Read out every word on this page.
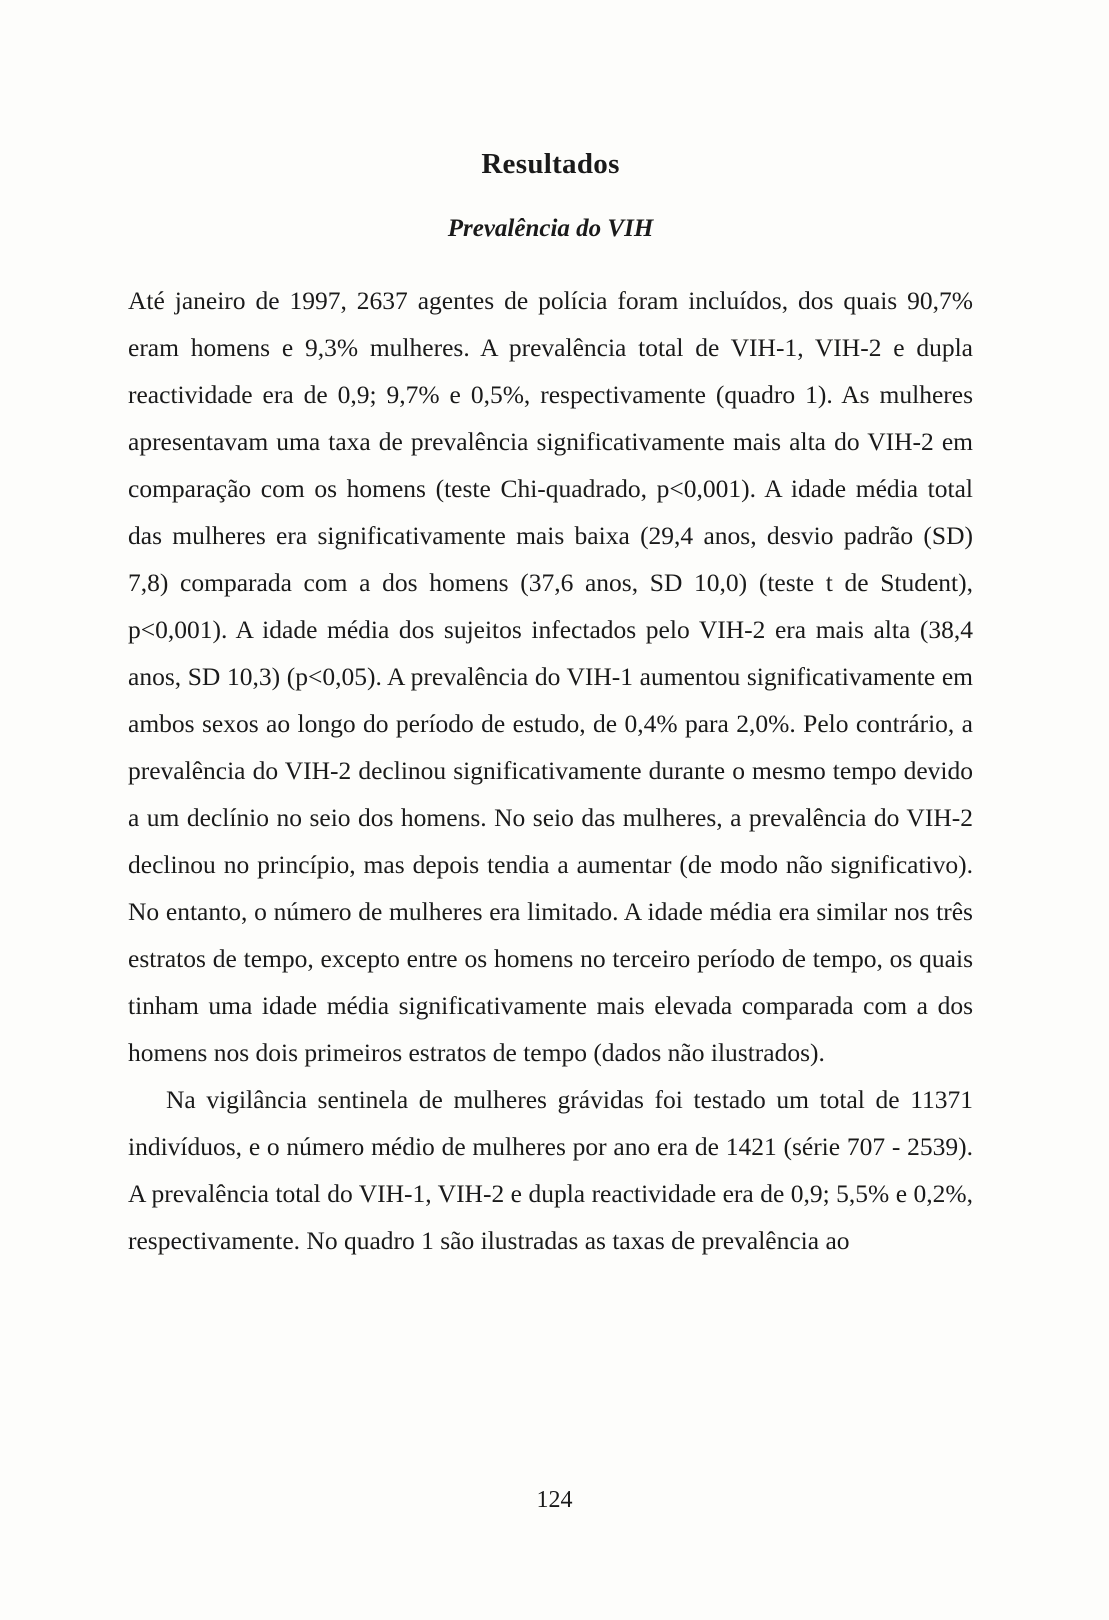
Resultados
Prevalência do VIH

Até janeiro de 1997, 2637 agentes de polícia foram incluídos, dos quais 90,7% eram homens e 9,3% mulheres. A prevalência total de VIH-1, VIH-2 e dupla reactividade era de 0,9; 9,7% e 0,5%, respectivamente (quadro 1). As mulheres apresentavam uma taxa de prevalência significativamente mais alta do VIH-2 em comparação com os homens (teste Chi-quadrado, p<0,001). A idade média total das mulheres era significativamente mais baixa (29,4 anos, desvio padrão (SD) 7,8) comparada com a dos homens (37,6 anos, SD 10,0) (teste t de Student), p<0,001). A idade média dos sujeitos infectados pelo VIH-2 era mais alta (38,4 anos, SD 10,3) (p<0,05). A prevalência do VIH-1 aumentou significativamente em ambos sexos ao longo do período de estudo, de 0,4% para 2,0%. Pelo contrário, a prevalência do VIH-2 declinou significativamente durante o mesmo tempo devido a um declínio no seio dos homens. No seio das mulheres, a prevalência do VIH-2 declinou no princípio, mas depois tendia a aumentar (de modo não significativo). No entanto, o número de mulheres era limitado. A idade média era similar nos três estratos de tempo, excepto entre os homens no terceiro período de tempo, os quais tinham uma idade média significativamente mais elevada comparada com a dos homens nos dois primeiros estratos de tempo (dados não ilustrados).

Na vigilância sentinela de mulheres grávidas foi testado um total de 11371 indivíduos, e o número médio de mulheres por ano era de 1421 (série 707 - 2539). A prevalência total do VIH-1, VIH-2 e dupla reactividade era de 0,9; 5,5% e 0,2%, respectivamente. No quadro 1 são ilustradas as taxas de prevalência ao

124
